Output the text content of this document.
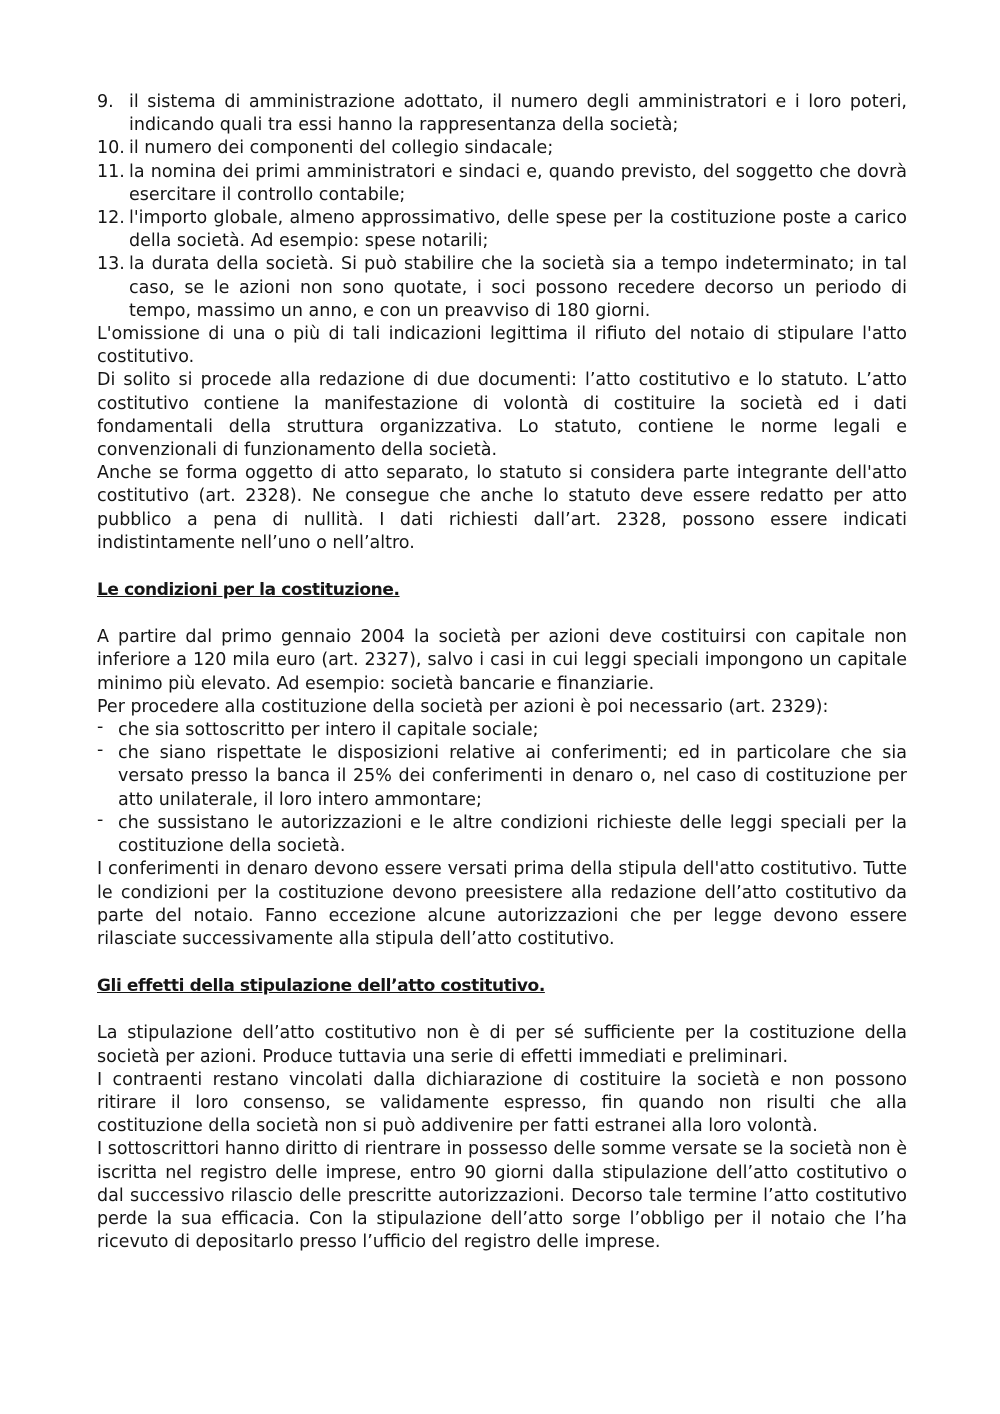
9. il sistema di amministrazione adottato, il numero degli amministratori e i loro poteri, indicando quali tra essi hanno la rappresentanza della società;
10. il numero dei componenti del collegio sindacale;
11. la nomina dei primi amministratori e sindaci e, quando previsto, del soggetto che dovrà esercitare il controllo contabile;
12. l'importo globale, almeno approssimativo, delle spese per la costituzione poste a carico della società. Ad esempio: spese notarili;
13. la durata della società. Si può stabilire che la società sia a tempo indeterminato; in tal caso, se le azioni non sono quotate, i soci possono recedere decorso un periodo di tempo, massimo un anno, e con un preavviso di 180 giorni.

L'omissione di una o più di tali indicazioni legittima il rifiuto del notaio di stipulare l'atto costitutivo.

Di solito si procede alla redazione di due documenti: l’atto costitutivo e lo statuto. L’atto costitutivo contiene la manifestazione di volontà di costituire la società ed i dati fondamentali della struttura organizzativa. Lo statuto, contiene le norme legali e convenzionali di funzionamento della società.

Anche se forma oggetto di atto separato, lo statuto si considera parte integrante dell'atto costitutivo (art. 2328). Ne consegue che anche lo statuto deve essere redatto per atto pubblico a pena di nullità. I dati richiesti dall’art. 2328, possono essere indicati indistintamente nell’uno o nell’altro.

Le condizioni per la costituzione.

A partire dal primo gennaio 2004 la società per azioni deve costituirsi con capitale non inferiore a 120 mila euro (art. 2327), salvo i casi in cui leggi speciali impongono un capitale minimo più elevato. Ad esempio: società bancarie e finanziarie.

Per procedere alla costituzione della società per azioni è poi necessario (art. 2329):

- che sia sottoscritto per intero il capitale sociale;
- che siano rispettate le disposizioni relative ai conferimenti; ed in particolare che sia versato presso la banca il 25% dei conferimenti in denaro o, nel caso di costituzione per atto unilaterale, il loro intero ammontare;
- che sussistano le autorizzazioni e le altre condizioni richieste delle leggi speciali per la costituzione della società.

I conferimenti in denaro devono essere versati prima della stipula dell'atto costitutivo. Tutte le condizioni per la costituzione devono preesistere alla redazione dell’atto costitutivo da parte del notaio. Fanno eccezione alcune autorizzazioni che per legge devono essere rilasciate successivamente alla stipula dell’atto costitutivo.

Gli effetti della stipulazione dell’atto costitutivo.

La stipulazione dell’atto costitutivo non è di per sé sufficiente per la costituzione della società per azioni. Produce tuttavia una serie di effetti immediati e preliminari.

I contraenti restano vincolati dalla dichiarazione di costituire la società e non possono ritirare il loro consenso, se validamente espresso, fin quando non risulti che alla costituzione della società non si può addivenire per fatti estranei alla loro volontà.

I sottoscrittori hanno diritto di rientrare in possesso delle somme versate se la società non è iscritta nel registro delle imprese, entro 90 giorni dalla stipulazione dell’atto costitutivo o dal successivo rilascio delle prescritte autorizzazioni. Decorso tale termine l’atto costitutivo perde la sua efficacia. Con la stipulazione dell’atto sorge l’obbligo per il notaio che l’ha ricevuto di depositarlo presso l’ufficio del registro delle imprese.
